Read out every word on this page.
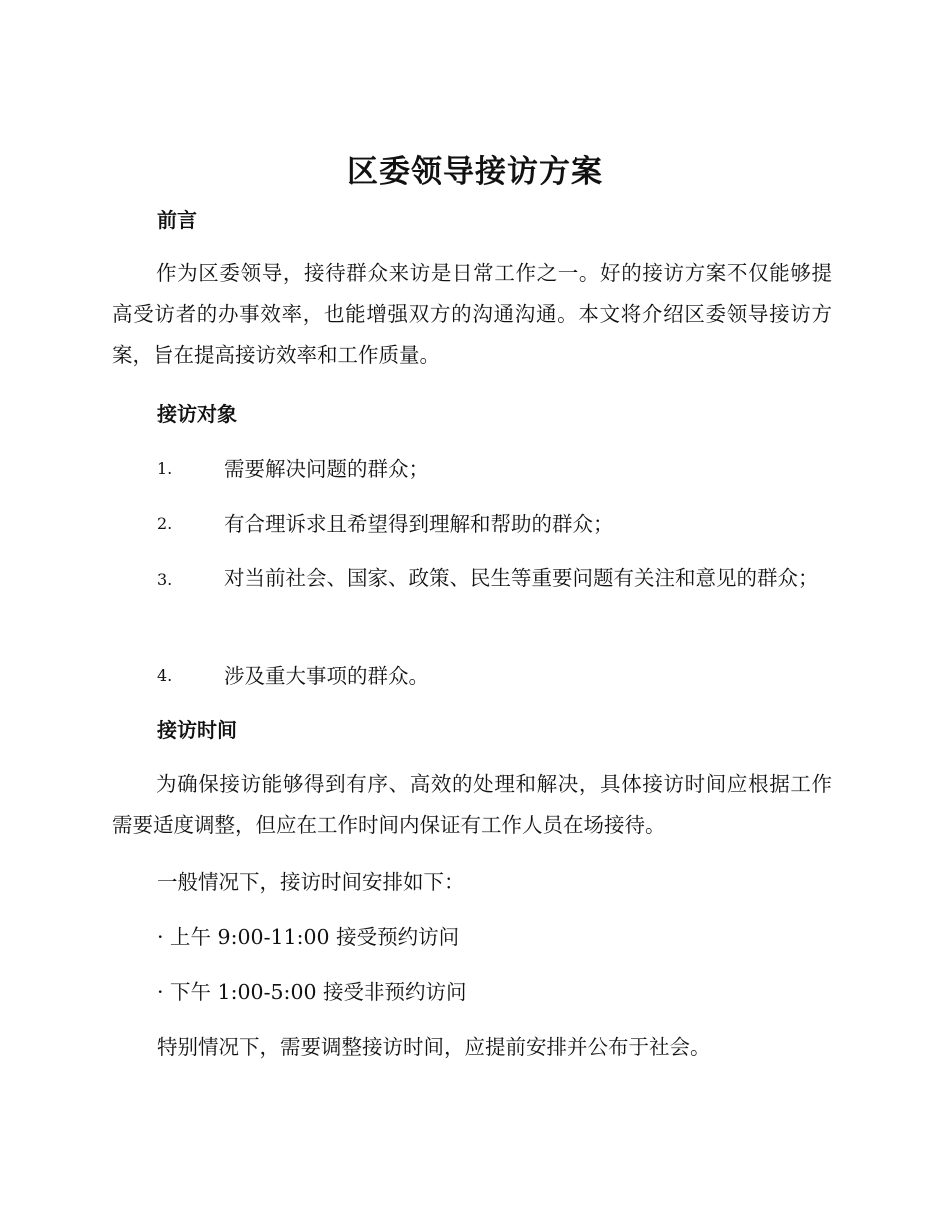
区委领导接访方案
前言
作为区委领导，接待群众来访是日常工作之一。好的接访方案不仅能够提高受访者的办事效率，也能增强双方的沟通沟通。本文将介绍区委领导接访方案，旨在提高接访效率和工作质量。
接访对象
1.	需要解决问题的群众；
2.	有合理诉求且希望得到理解和帮助的群众；
3.	对当前社会、国家、政策、民生等重要问题有关注和意见的群众；
4.	涉及重大事项的群众。
接访时间
为确保接访能够得到有序、高效的处理和解决，具体接访时间应根据工作需要适度调整，但应在工作时间内保证有工作人员在场接待。
一般情况下，接访时间安排如下：
· 上午 9:00-11:00 接受预约访问
· 下午 1:00-5:00 接受非预约访问
特别情况下，需要调整接访时间，应提前安排并公布于社会。
